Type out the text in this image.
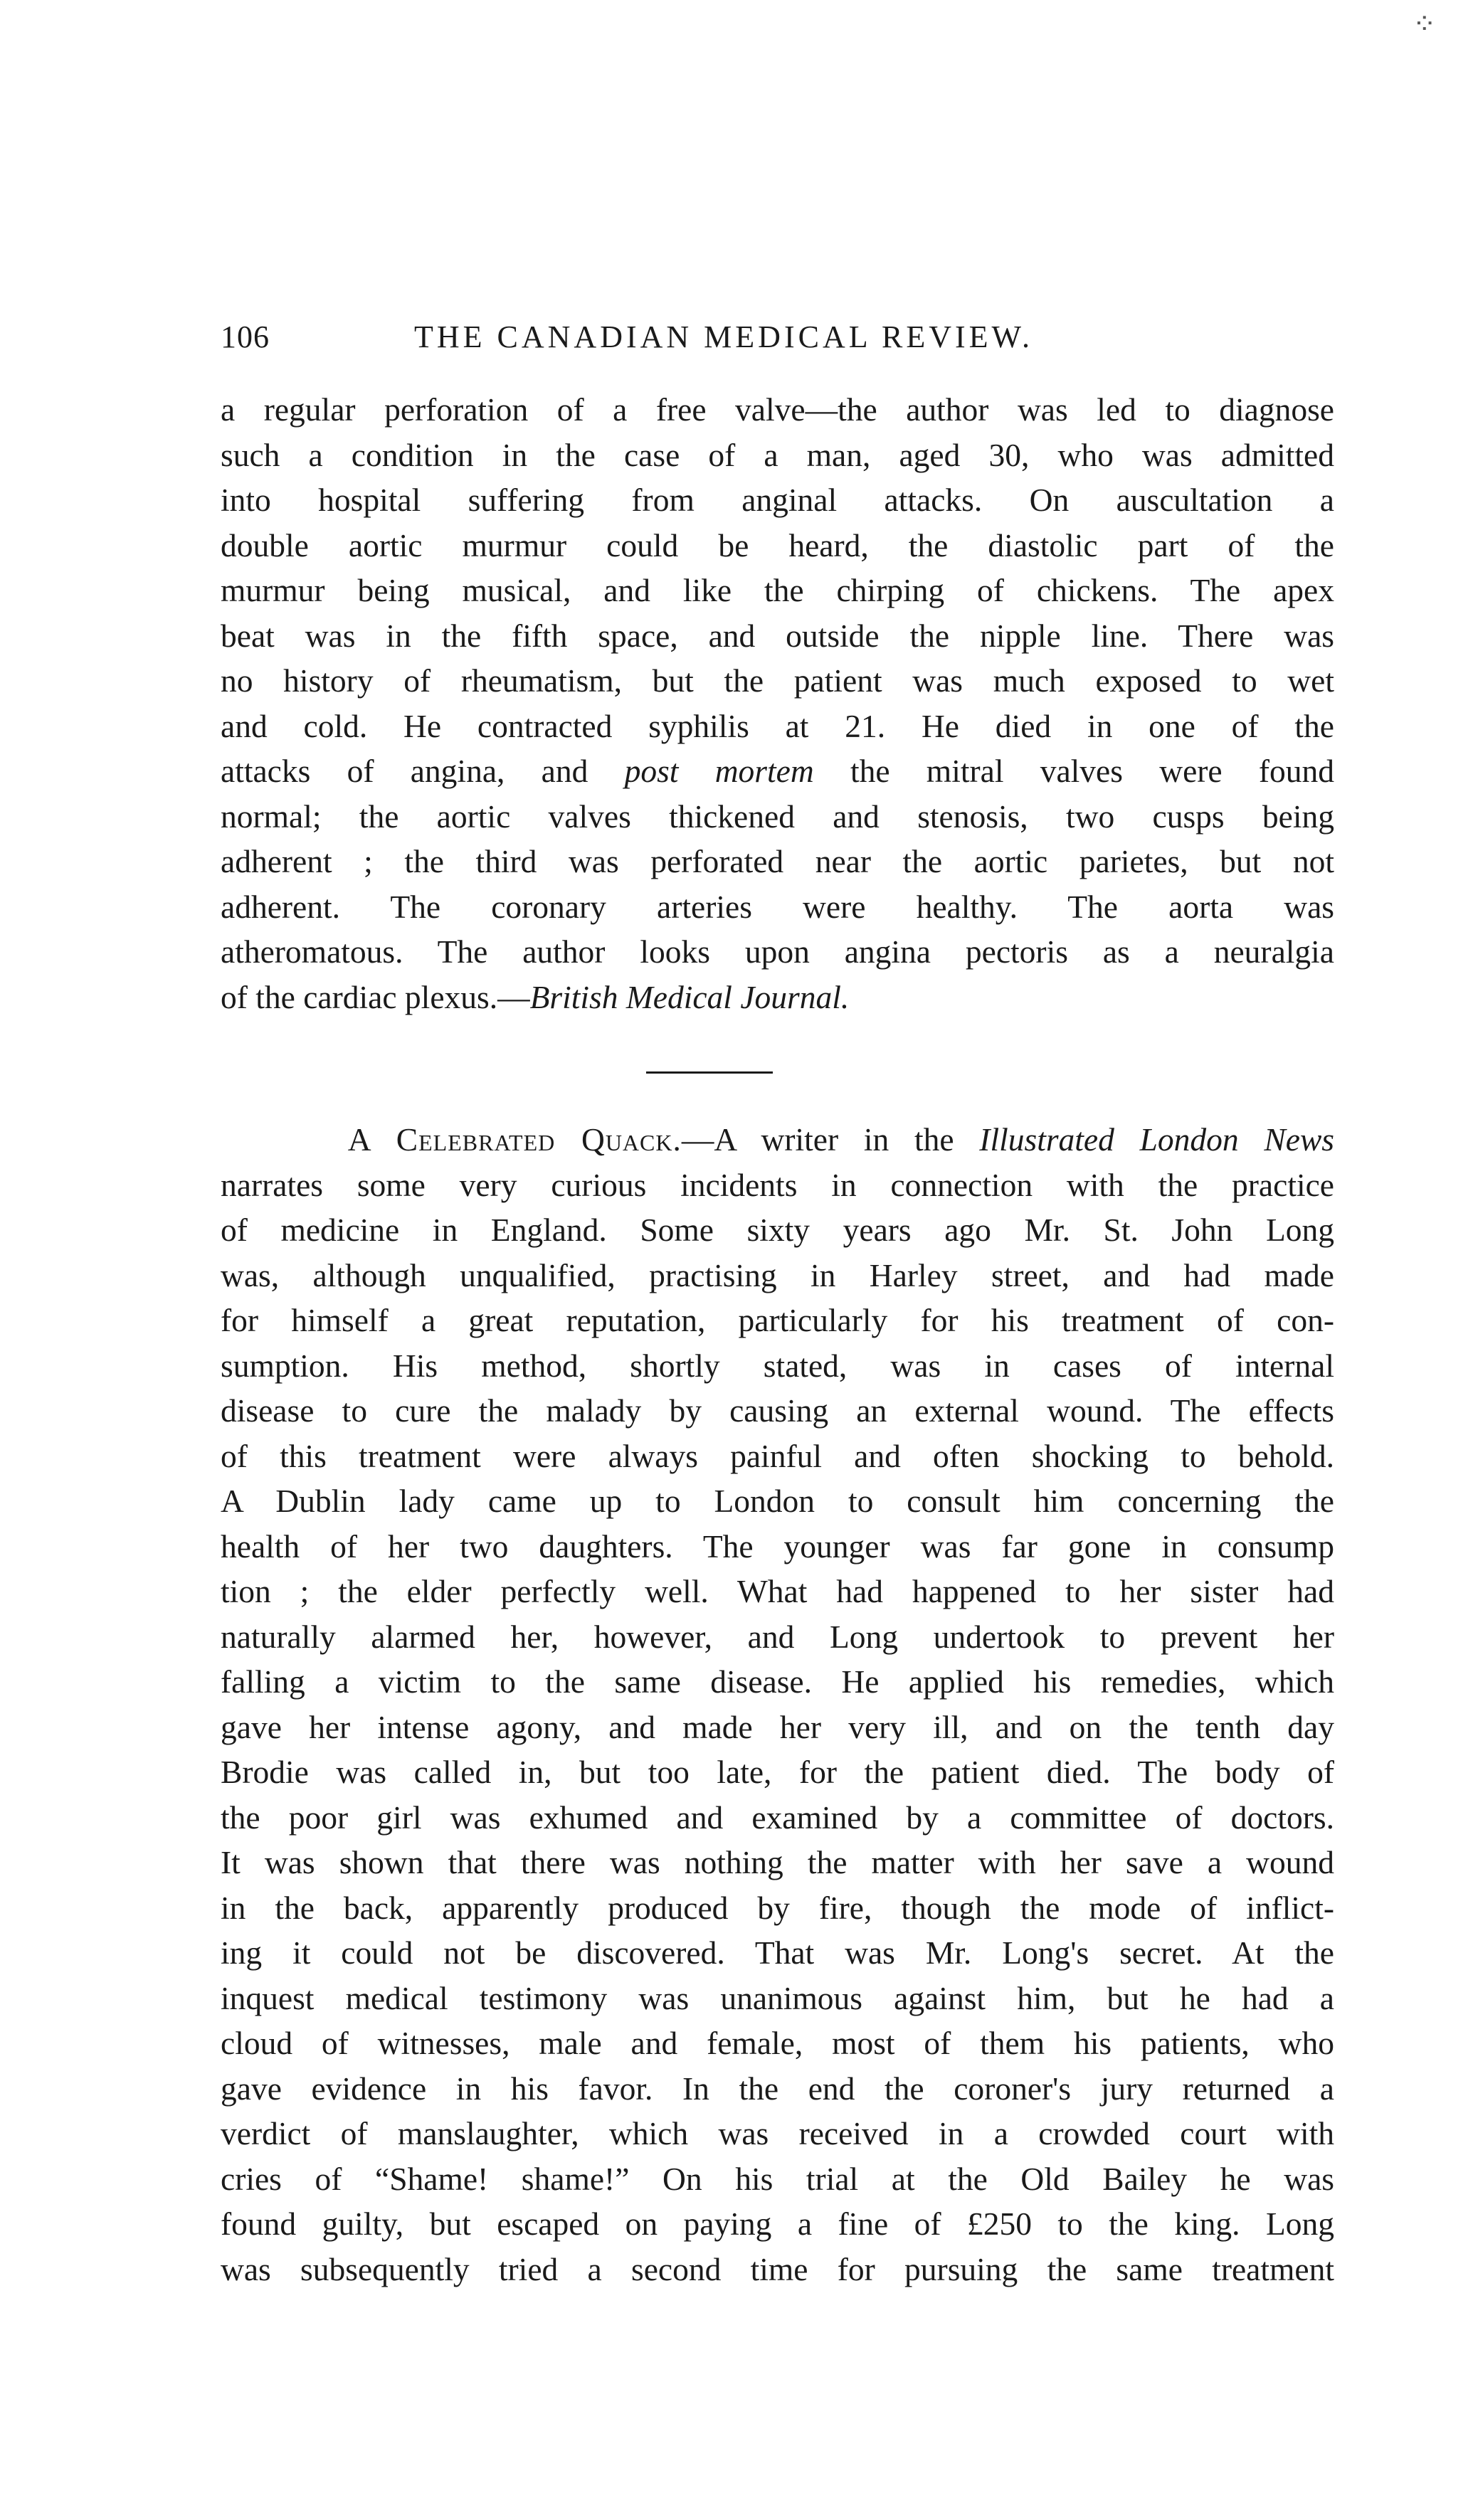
⁘
106	THE CANADIAN MEDICAL REVIEW.
a regular perforation of a free valve—the author was led to diagnose
such a condition in the case of a man, aged 30, who was admitted
into hospital suffering from anginal attacks. On auscultation a
double aortic murmur could be heard, the diastolic part of the
murmur being musical, and like the chirping of chickens. The apex
beat was in the fifth space, and outside the nipple line. There was
no history of rheumatism, but the patient was much exposed to wet
and cold. He contracted syphilis at 21. He died in one of the
attacks of angina, and post mortem the mitral valves were found
normal; the aortic valves thickened and stenosis, two cusps being
adherent ; the third was perforated near the aortic parietes, but not
adherent. The coronary arteries were healthy. The aorta was
atheromatous. The author looks upon angina pectoris as a neuralgia
of the cardiac plexus.—British Medical Journal.
A Celebrated Quack.—A writer in the Illustrated London News
narrates some very curious incidents in connection with the practice
of medicine in England. Some sixty years ago Mr. St. John Long
was, although unqualified, practising in Harley street, and had made
for himself a great reputation, particularly for his treatment of con-
sumption. His method, shortly stated, was in cases of internal
disease to cure the malady by causing an external wound. The effects
of this treatment were always painful and often shocking to behold.
A Dublin lady came up to London to consult him concerning the
health of her two daughters. The younger was far gone in consump
tion ; the elder perfectly well. What had happened to her sister had
naturally alarmed her, however, and Long undertook to prevent her
falling a victim to the same disease. He applied his remedies, which
gave her intense agony, and made her very ill, and on the tenth day
Brodie was called in, but too late, for the patient died. The body of
the poor girl was exhumed and examined by a committee of doctors.
It was shown that there was nothing the matter with her save a wound
in the back, apparently produced by fire, though the mode of inflict-
ing it could not be discovered. That was Mr. Long's secret. At the
inquest medical testimony was unanimous against him, but he had a
cloud of witnesses, male and female, most of them his patients, who
gave evidence in his favor. In the end the coroner's jury returned a
verdict of manslaughter, which was received in a crowded court with
cries of “Shame! shame!” On his trial at the Old Bailey he was
found guilty, but escaped on paying a fine of £250 to the king. Long
was subsequently tried a second time for pursuing the same treatment
